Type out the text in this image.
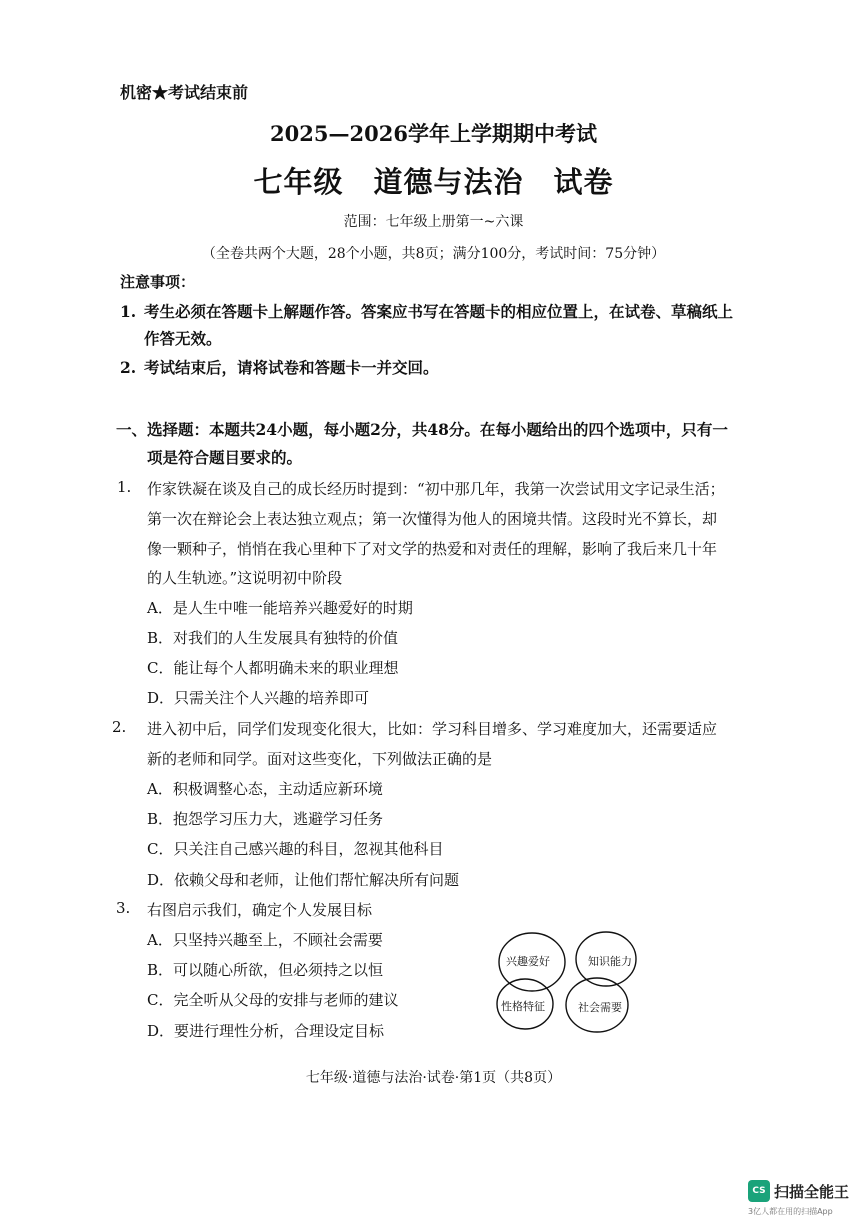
机密★考试结束前
2025—2026学年上学期期中考试
七年级　道德与法治　试卷
范围：七年级上册第一~六课
（全卷共两个大题，28个小题，共8页；满分100分，考试时间：75分钟）
注意事项：
1. 考生必须在答题卡上解题作答。答案应书写在答题卡的相应位置上，在试卷、草稿纸上
作答无效。
2. 考试结束后，请将试卷和答题卡一并交回。
一、选择题：本题共24小题，每小题2分，共48分。在每小题给出的四个选项中，只有一
项是符合题目要求的。
1. 作家铁凝在谈及自己的成长经历时提到：“初中那几年，我第一次尝试用文字记录生活；
第一次在辩论会上表达独立观点；第一次懂得为他人的困境共情。这段时光不算长，却
像一颗种子，悄悄在我心里种下了对文学的热爱和对责任的理解，影响了我后来几十年
的人生轨迹。”这说明初中阶段
A．是人生中唯一能培养兴趣爱好的时期
B．对我们的人生发展具有独特的价值
C．能让每个人都明确未来的职业理想
D．只需关注个人兴趣的培养即可
2. 进入初中后，同学们发现变化很大，比如：学习科目增多、学习难度加大，还需要适应
新的老师和同学。面对这些变化，下列做法正确的是
A．积极调整心态，主动适应新环境
B．抱怨学习压力大，逃避学习任务
C．只关注自己感兴趣的科目，忽视其他科目
D．依赖父母和老师，让他们帮忙解决所有问题
3. 右图启示我们，确定个人发展目标
A．只坚持兴趣至上，不顾社会需要
B．可以随心所欲，但必须持之以恒
C．完全听从父母的安排与老师的建议
D．要进行理性分析，合理设定目标
兴趣爱好	知识能力
性格特征	社会需要
七年级·道德与法治·试卷·第1页（共8页）
CS 扫描全能王
3亿人都在用的扫描App
